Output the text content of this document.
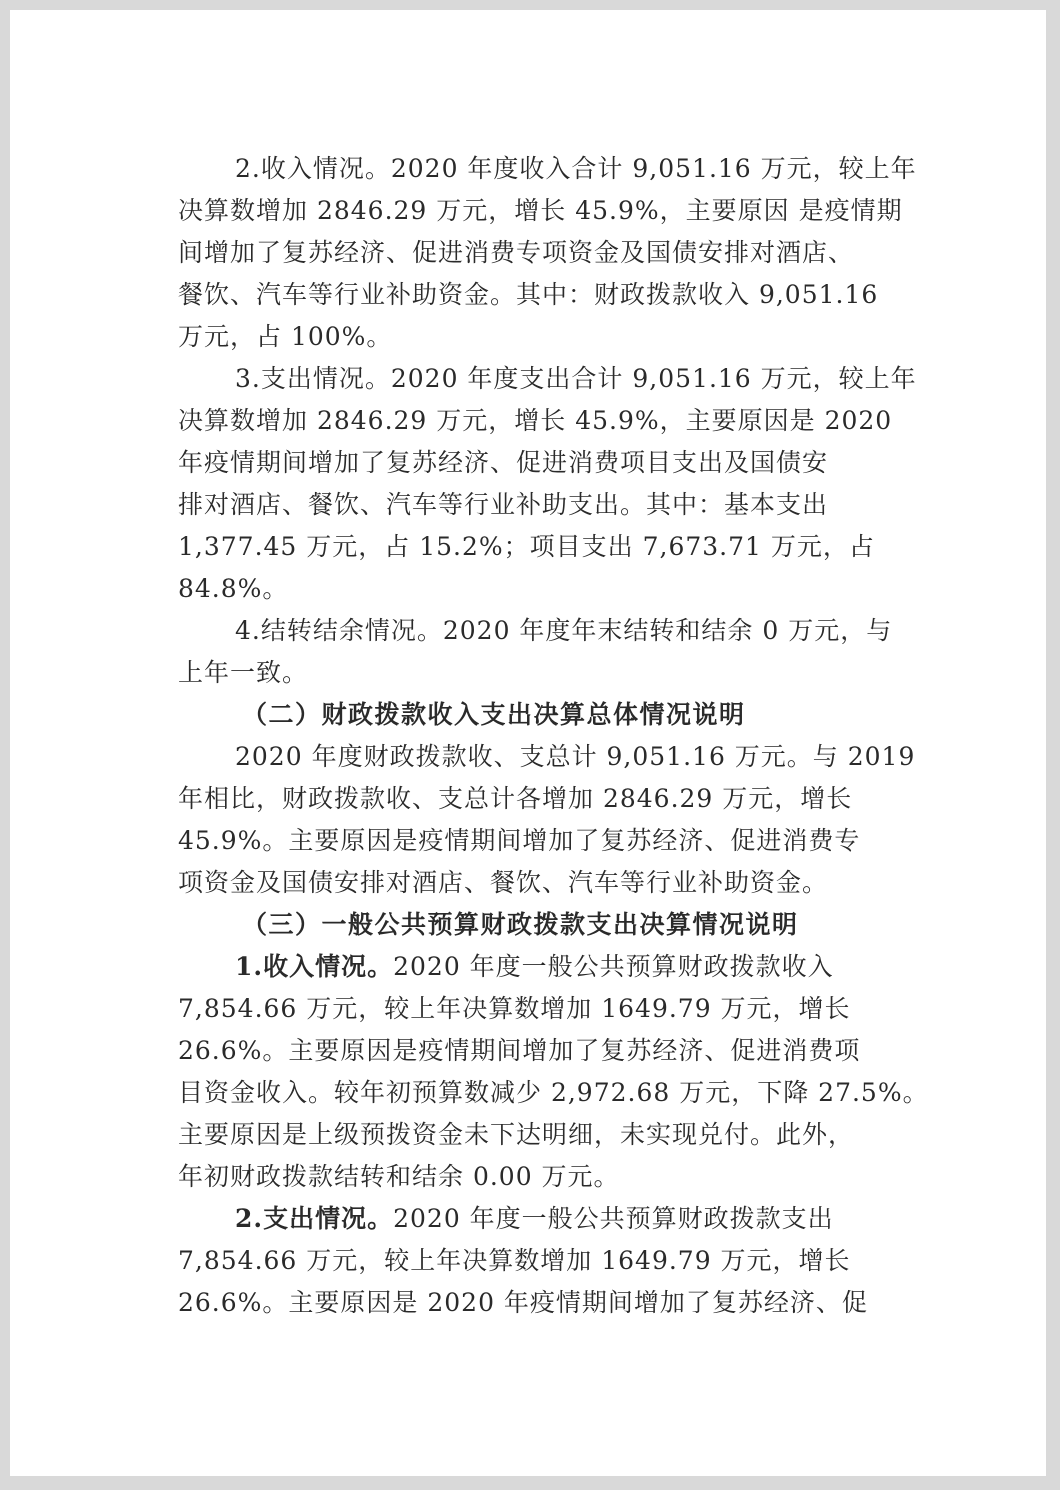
2.收入情况。2020 年度收入合计 9,051.16 万元，较上年

决算数增加 2846.29 万元，增长 45.9%，主要原因 是疫情期

间增加了复苏经济、促进消费专项资金及国债安排对酒店、

餐饮、汽车等行业补助资金。其中：财政拨款收入 9,051.16

万元，占 100%。

3.支出情况。2020 年度支出合计 9,051.16 万元，较上年

决算数增加 2846.29 万元，增长 45.9%，主要原因是 2020

年疫情期间增加了复苏经济、促进消费项目支出及国债安

排对酒店、餐饮、汽车等行业补助支出。其中：基本支出

1,377.45 万元，占 15.2%；项目支出 7,673.71 万元，占

84.8%。

4.结转结余情况。2020 年度年末结转和结余 0 万元，与

上年一致。

（二）财政拨款收入支出决算总体情况说明

2020 年度财政拨款收、支总计 9,051.16 万元。与 2019

年相比，财政拨款收、支总计各增加 2846.29 万元，增长

45.9%。主要原因是疫情期间增加了复苏经济、促进消费专

项资金及国债安排对酒店、餐饮、汽车等行业补助资金。

（三）一般公共预算财政拨款支出决算情况说明

1.收入情况。2020 年度一般公共预算财政拨款收入

7,854.66 万元，较上年决算数增加 1649.79 万元，增长

26.6%。主要原因是疫情期间增加了复苏经济、促进消费项

目资金收入。较年初预算数减少 2,972.68 万元，下降 27.5%。

主要原因是上级预拨资金未下达明细，未实现兑付。此外，

年初财政拨款结转和结余 0.00 万元。

2.支出情况。2020 年度一般公共预算财政拨款支出

7,854.66 万元，较上年决算数增加 1649.79 万元，增长

26.6%。主要原因是 2020 年疫情期间增加了复苏经济、促
